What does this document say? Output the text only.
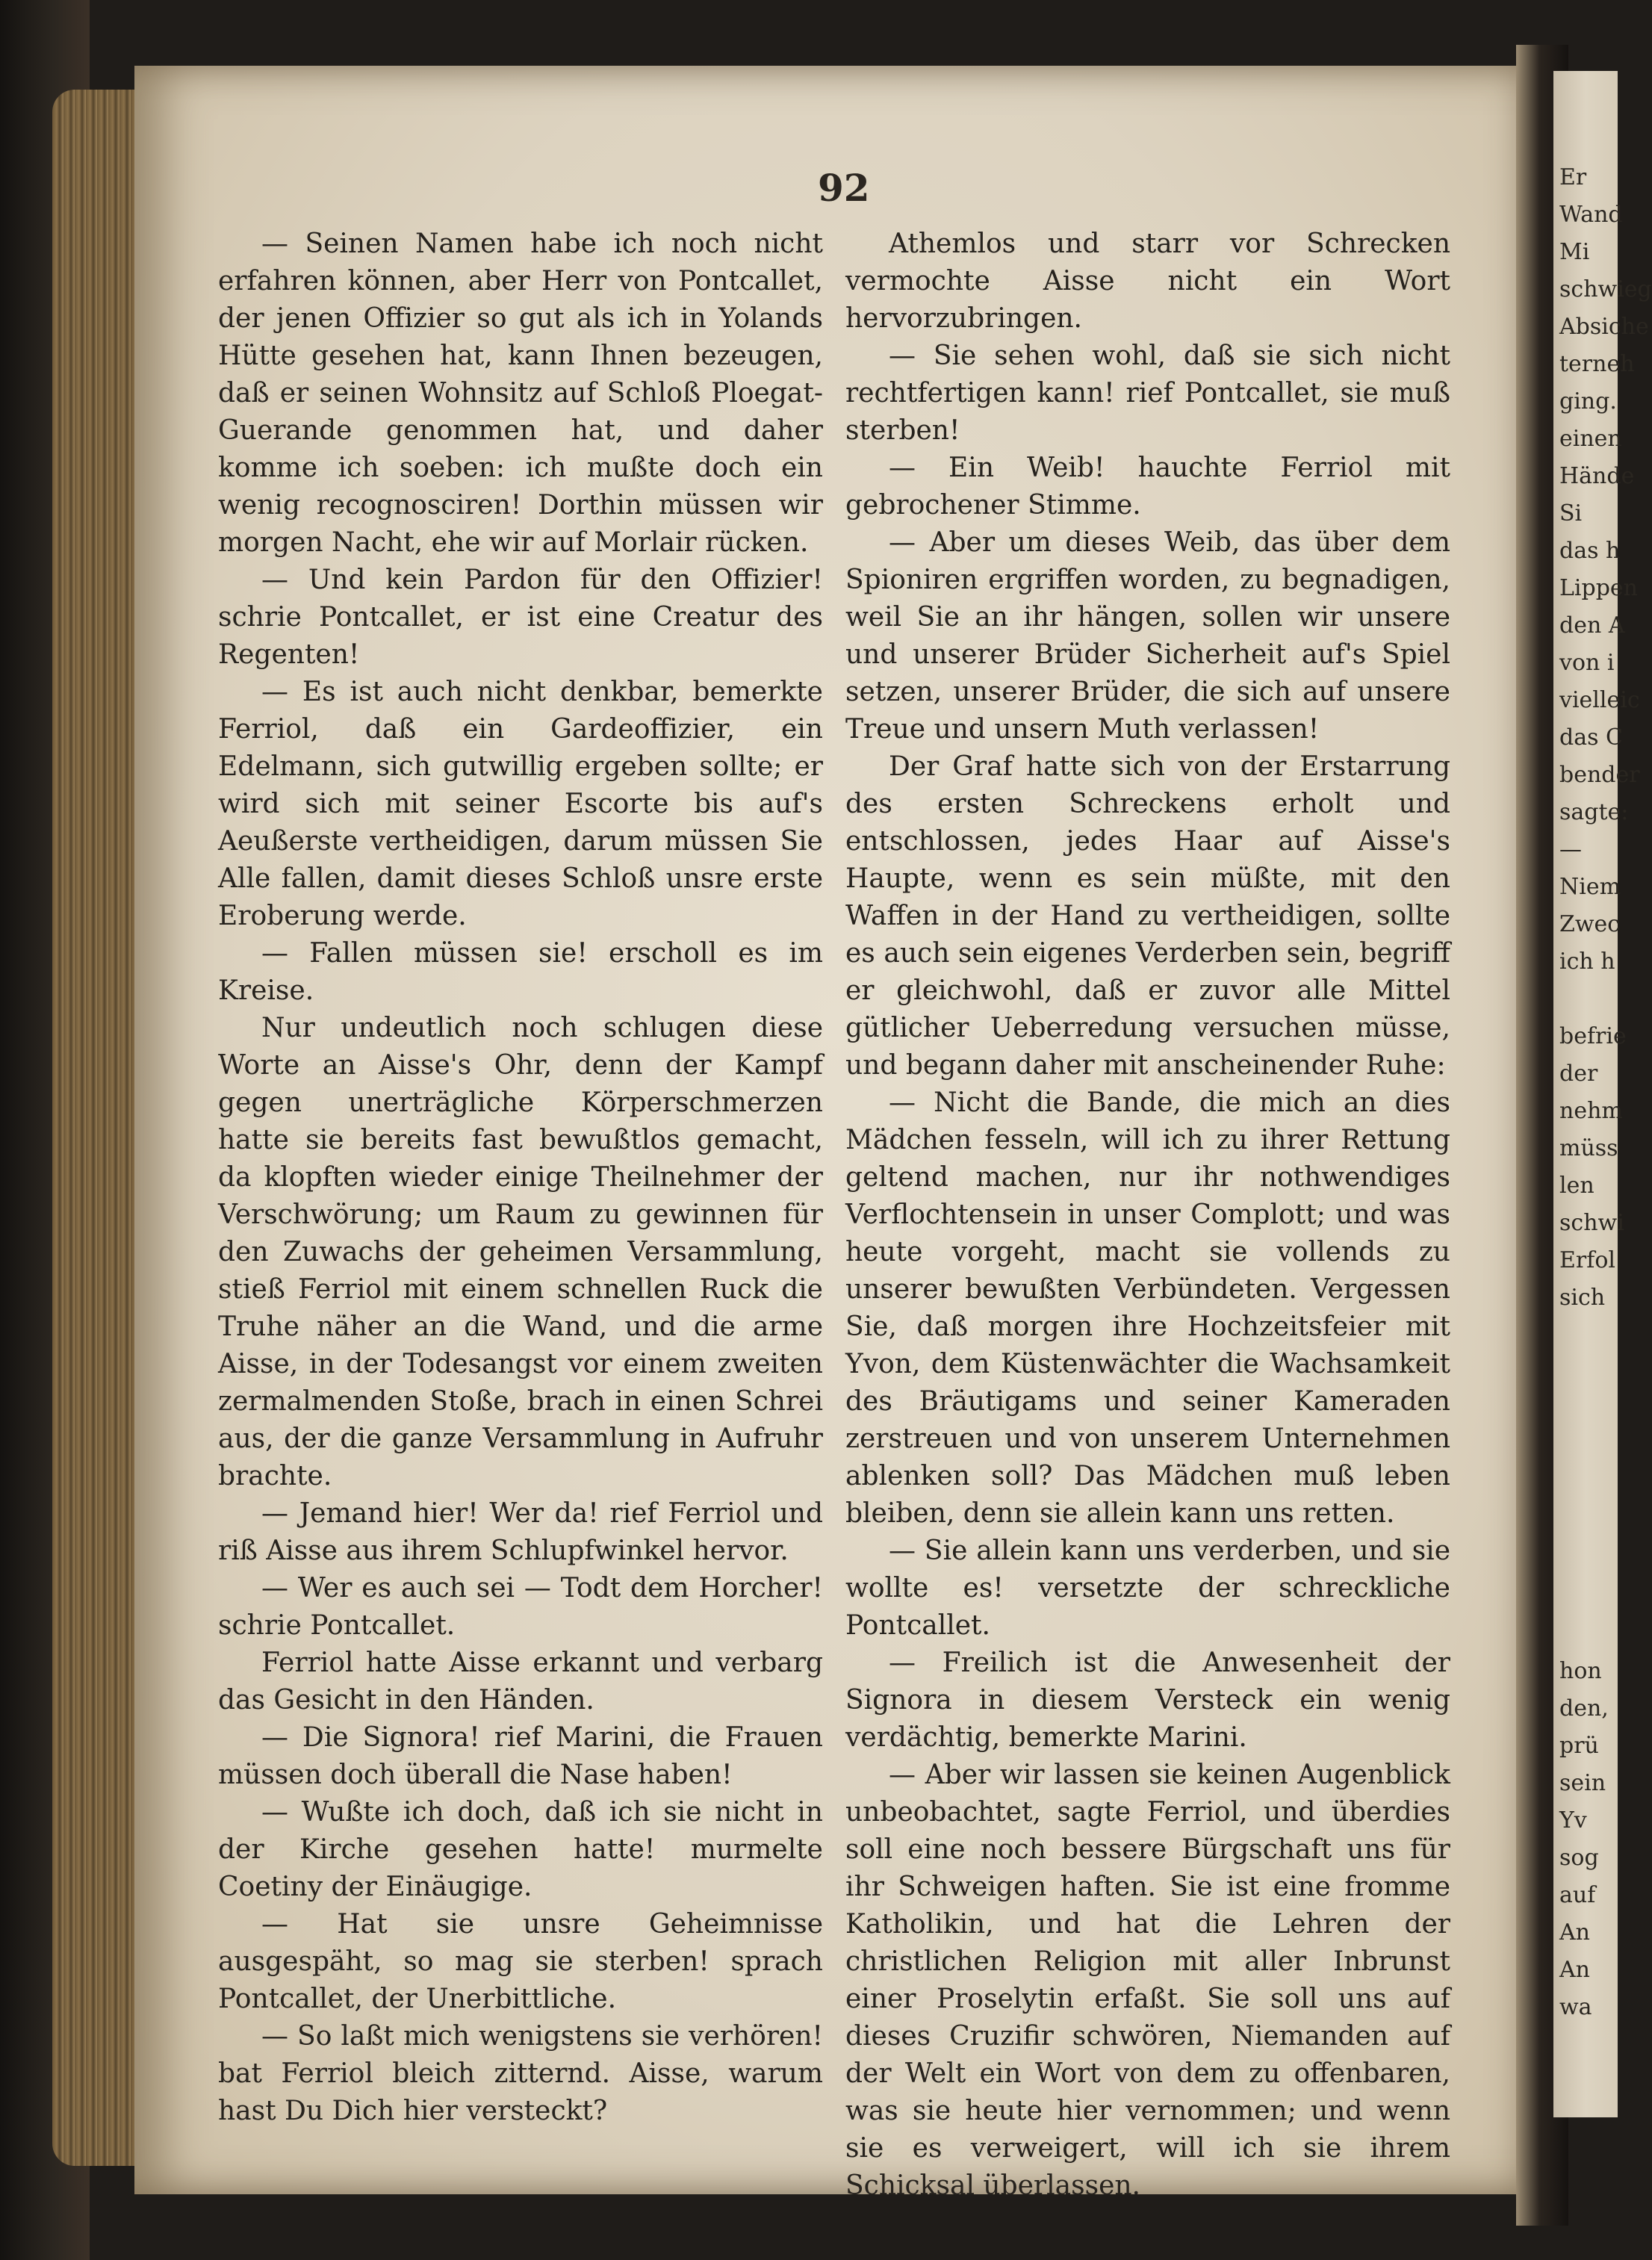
Er
Wand
Mi
schwieg
Absiche
terneh
ging.
einen
Hände
Si
das h
Lippen
den A
von i
vielleic
das C
bender
sagte:
—
Niem
Zwec
ich h
befrie
der
nehm
müss
len
schwi
Erfol
sich
hon
den,
prü
sein
Yv
sog
auf
An
An
wa
92

— Seinen Namen habe ich noch nicht erfahren können, aber Herr von Pontcallet, der jenen Offizier so gut als ich in Yolands Hütte gesehen hat, kann Ihnen bezeugen, daß er seinen Wohnsitz auf Schloß Ploegat-Guerande genommen hat, und daher komme ich soeben: ich mußte doch ein wenig recognosciren! Dorthin müssen wir morgen Nacht, ehe wir auf Morlair rücken.

— Und kein Pardon für den Offizier! schrie Pontcallet, er ist eine Creatur des Regenten!

— Es ist auch nicht denkbar, bemerkte Ferriol, daß ein Gardeoffizier, ein Edelmann, sich gutwillig ergeben sollte; er wird sich mit seiner Escorte bis auf's Aeußerste vertheidigen, darum müssen Sie Alle fallen, damit dieses Schloß unsre erste Eroberung werde.

— Fallen müssen sie! erscholl es im Kreise.

Nur undeutlich noch schlugen diese Worte an Aisse's Ohr, denn der Kampf gegen unerträgliche Körperschmerzen hatte sie bereits fast bewußtlos gemacht, da klopften wieder einige Theilnehmer der Verschwörung; um Raum zu gewinnen für den Zuwachs der geheimen Versammlung, stieß Ferriol mit einem schnellen Ruck die Truhe näher an die Wand, und die arme Aisse, in der Todesangst vor einem zweiten zermalmenden Stoße, brach in einen Schrei aus, der die ganze Versammlung in Aufruhr brachte.

— Jemand hier! Wer da! rief Ferriol und riß Aisse aus ihrem Schlupfwinkel hervor.

— Wer es auch sei — Todt dem Horcher! schrie Pontcallet.

Ferriol hatte Aisse erkannt und verbarg das Gesicht in den Händen.

— Die Signora! rief Marini, die Frauen müssen doch überall die Nase haben!

— Wußte ich doch, daß ich sie nicht in der Kirche gesehen hatte! murmelte Coetiny der Einäugige.

— Hat sie unsre Geheimnisse ausgespäht, so mag sie sterben! sprach Pontcallet, der Unerbittliche.

— So laßt mich wenigstens sie verhören! bat Ferriol bleich zitternd. Aisse, warum hast Du Dich hier versteckt?

Athemlos und starr vor Schrecken vermochte Aisse nicht ein Wort hervorzubringen.

— Sie sehen wohl, daß sie sich nicht rechtfertigen kann! rief Pontcallet, sie muß sterben!

— Ein Weib! hauchte Ferriol mit gebrochener Stimme.

— Aber um dieses Weib, das über dem Spioniren ergriffen worden, zu begnadigen, weil Sie an ihr hängen, sollen wir unsere und unserer Brüder Sicherheit auf's Spiel setzen, unserer Brüder, die sich auf unsere Treue und unsern Muth verlassen!

Der Graf hatte sich von der Erstarrung des ersten Schreckens erholt und entschlossen, jedes Haar auf Aisse's Haupte, wenn es sein müßte, mit den Waffen in der Hand zu vertheidigen, sollte es auch sein eigenes Verderben sein, begriff er gleichwohl, daß er zuvor alle Mittel gütlicher Ueberredung versuchen müsse, und begann daher mit anscheinender Ruhe:

— Nicht die Bande, die mich an dies Mädchen fesseln, will ich zu ihrer Rettung geltend machen, nur ihr nothwendiges Verflochtensein in unser Complott; und was heute vorgeht, macht sie vollends zu unserer bewußten Verbündeten. Vergessen Sie, daß morgen ihre Hochzeitsfeier mit Yvon, dem Küstenwächter die Wachsamkeit des Bräutigams und seiner Kameraden zerstreuen und von unserem Unternehmen ablenken soll? Das Mädchen muß leben bleiben, denn sie allein kann uns retten.

— Sie allein kann uns verderben, und sie wollte es! versetzte der schreckliche Pontcallet.

— Freilich ist die Anwesenheit der Signora in diesem Versteck ein wenig verdächtig, bemerkte Marini.

— Aber wir lassen sie keinen Augenblick unbeobachtet, sagte Ferriol, und überdies soll eine noch bessere Bürgschaft uns für ihr Schweigen haften. Sie ist eine fromme Katholikin, und hat die Lehren der christlichen Religion mit aller Inbrunst einer Proselytin erfaßt. Sie soll uns auf dieses Cruzifir schwören, Niemanden auf der Welt ein Wort von dem zu offenbaren, was sie heute hier vernommen; und wenn sie es verweigert, will ich sie ihrem Schicksal überlassen.
